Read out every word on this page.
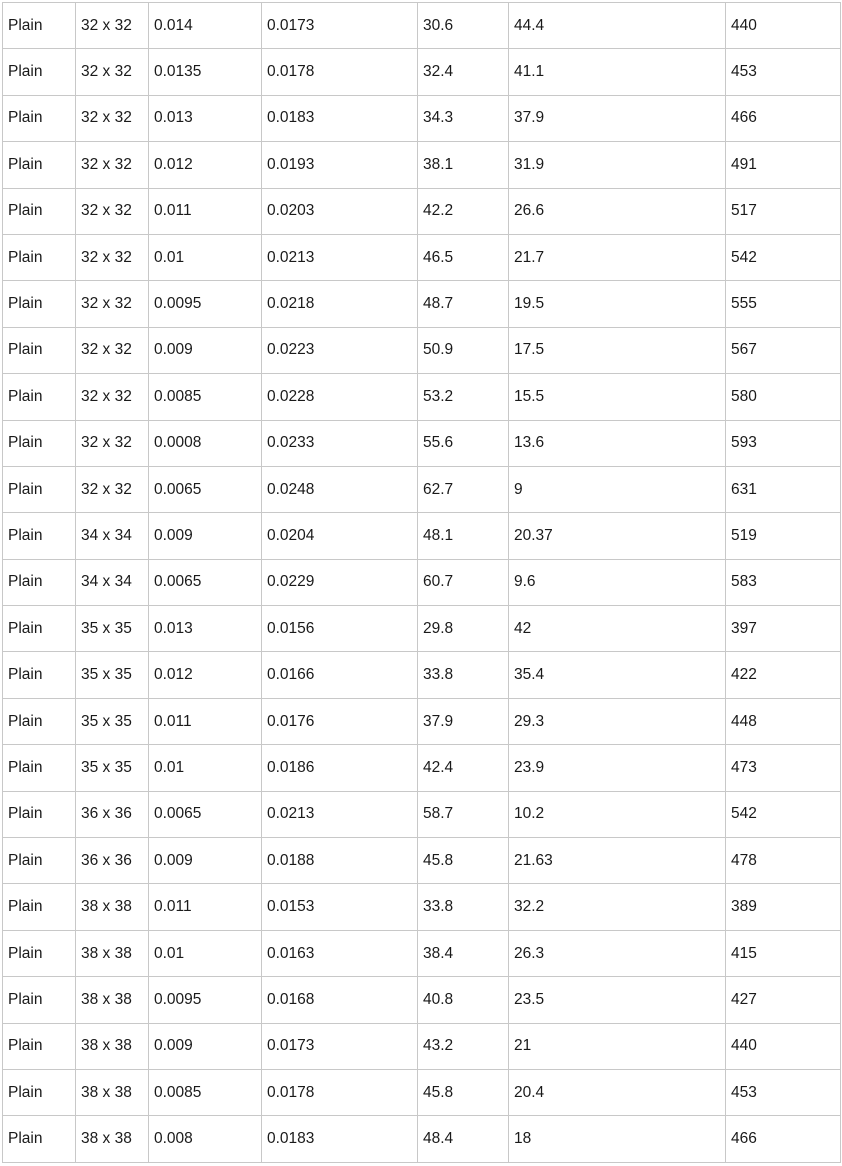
Plain	32 x 32	0.014	0.0173	30.6	44.4	440
Plain	32 x 32	0.0135	0.0178	32.4	41.1	453
Plain	32 x 32	0.013	0.0183	34.3	37.9	466
Plain	32 x 32	0.012	0.0193	38.1	31.9	491
Plain	32 x 32	0.011	0.0203	42.2	26.6	517
Plain	32 x 32	0.01	0.0213	46.5	21.7	542
Plain	32 x 32	0.0095	0.0218	48.7	19.5	555
Plain	32 x 32	0.009	0.0223	50.9	17.5	567
Plain	32 x 32	0.0085	0.0228	53.2	15.5	580
Plain	32 x 32	0.0008	0.0233	55.6	13.6	593
Plain	32 x 32	0.0065	0.0248	62.7	9	631
Plain	34 x 34	0.009	0.0204	48.1	20.37	519
Plain	34 x 34	0.0065	0.0229	60.7	9.6	583
Plain	35 x 35	0.013	0.0156	29.8	42	397
Plain	35 x 35	0.012	0.0166	33.8	35.4	422
Plain	35 x 35	0.011	0.0176	37.9	29.3	448
Plain	35 x 35	0.01	0.0186	42.4	23.9	473
Plain	36 x 36	0.0065	0.0213	58.7	10.2	542
Plain	36 x 36	0.009	0.0188	45.8	21.63	478
Plain	38 x 38	0.011	0.0153	33.8	32.2	389
Plain	38 x 38	0.01	0.0163	38.4	26.3	415
Plain	38 x 38	0.0095	0.0168	40.8	23.5	427
Plain	38 x 38	0.009	0.0173	43.2	21	440
Plain	38 x 38	0.0085	0.0178	45.8	20.4	453
Plain	38 x 38	0.008	0.0183	48.4	18	466
